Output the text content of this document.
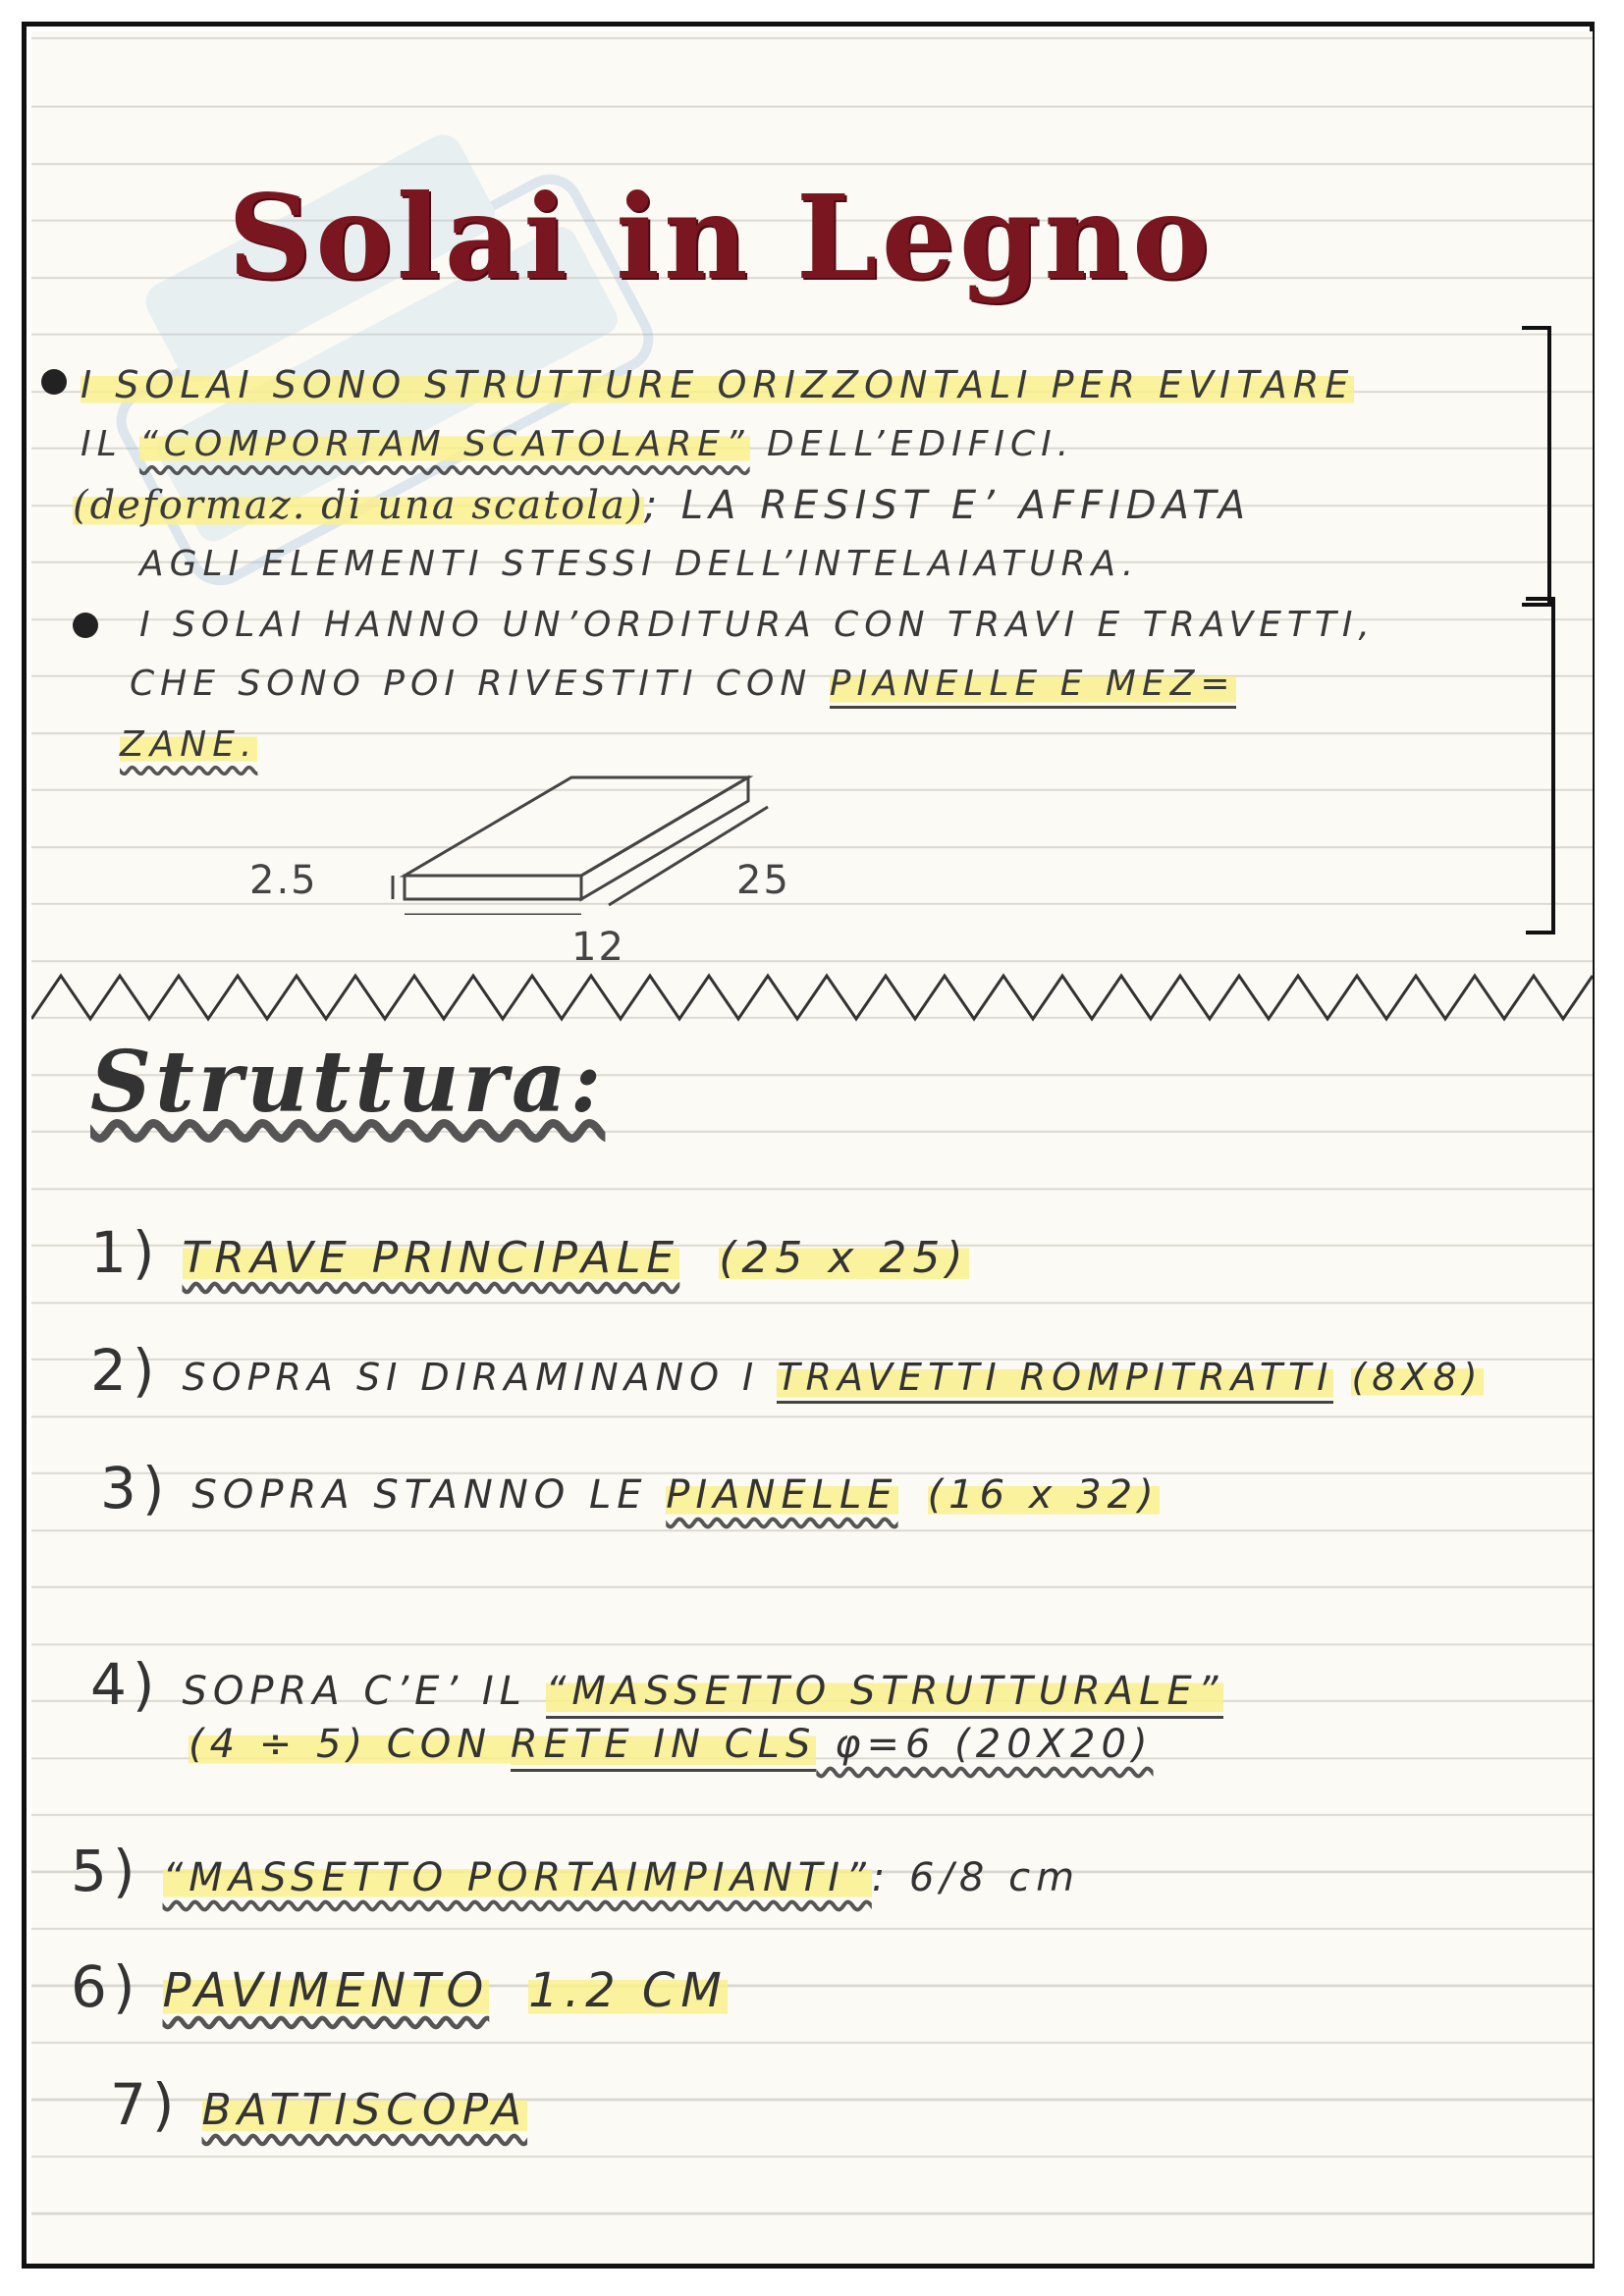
Solai in Legno
I SOLAI SONO STRUTTURE ORIZZONTALI PER EVITARE
IL “COMPORTAM SCATOLARE” DELL’EDIFICI.
(deformaz. di una scatola); LA RESIST E’ AFFIDATA
AGLI ELEMENTI STESSI DELL’INTELAIATURA.
I SOLAI HANNO UN’ORDITURA CON TRAVI E TRAVETTI,
CHE SONO POI RIVESTITI CON PIANELLE E MEZ=
ZANE.
2.5	25
12
Struttura:
1) TRAVE PRINCIPALE (25 x 25)
2) SOPRA SI DIRAMINANO I TRAVETTI ROMPITRATTI (8X8)
3) SOPRA STANNO LE PIANELLE (16 x 32)
4) SOPRA C’E’ IL “MASSETTO STRUTTURALE”
(4 ÷ 5) CON RETE IN CLS φ=6 (20X20)
5) “MASSETTO PORTAIMPIANTI”: 6/8 cm
6) PAVIMENTO 1.2 CM
7) BATTISCOPA
